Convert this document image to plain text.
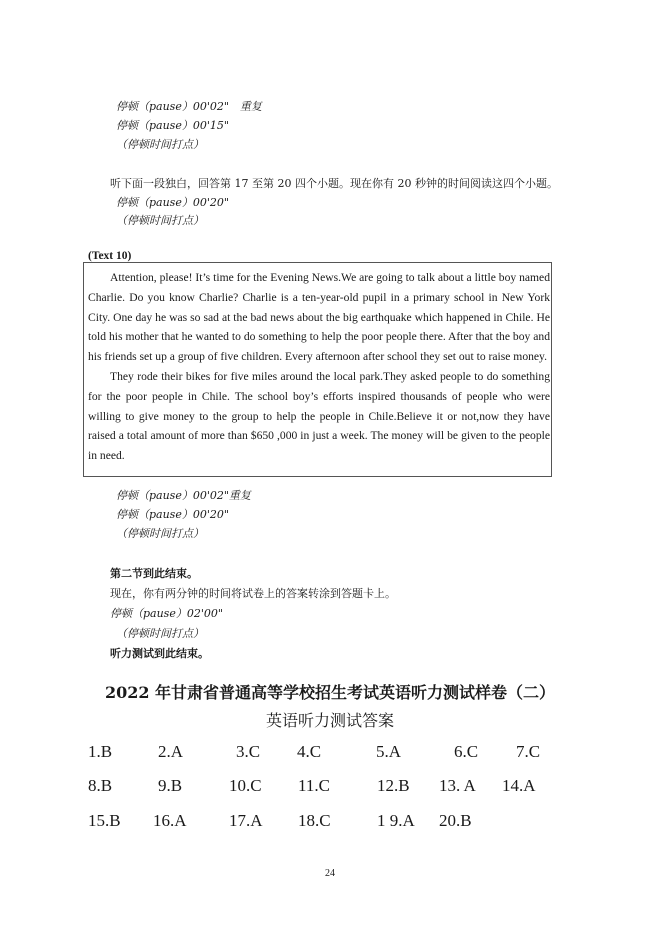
停顿（pause）00'02"　重复
停顿（pause）00'15"
（停顿时间打点）
听下面一段独白，回答第 17 至第 20 四个小题。现在你有 20 秒钟的时间阅读这四个小题。
停顿（pause）00'20"
（停顿时间打点）
(Text 10)

Attention, please! It’s time for the Evening News.We are going to talk about a little boy named Charlie. Do you know Charlie? Charlie is a ten-year-old pupil in a primary school in New York City. One day he was so sad at the bad news about the big earthquake which happened in Chile. He told his mother that he wanted to do something to help the poor people there. After that the boy and his friends set up a group of five children. Every afternoon after school they set out to raise money.

They rode their bikes for five miles around the local park.They asked people to do something for the poor people in Chile. The school boy’s efforts inspired thousands of people who were willing to give money to the group to help the people in Chile.Believe it or not,now they have raised a total amount of more than $650 ,000 in just a week. The money will be given to the people in need.

停顿（pause）00'02"重复
停顿（pause）00'20"
（停顿时间打点）
第二节到此结束。
现在，你有两分钟的时间将试卷上的答案转涂到答题卡上。
停顿（pause）02'00"
（停顿时间打点）
听力测试到此结束。
2022 年甘肃省普通高等学校招生考试英语听力测试样卷（二）
英语听力测试答案
1.B	2.A	3.C 4.C	5.A	6.C 7.C
8.B	9.B	10.C 11.C	12.B 13. A 14.A
15.B 16.A 17.A 18.C	1 9.A 20.B
24
